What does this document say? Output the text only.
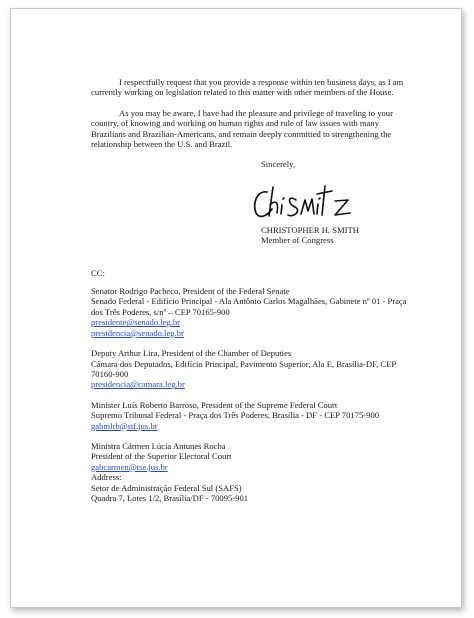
I respectfully request that you provide a response within ten business days, as I am currently working on legislation related to this matter with other members of the House.

As you may be aware, I have had the pleasure and privilege of traveling to your country, of knowing and working on human rights and rule of law issues with many Brazilians and Brazilian-Americans, and remain deeply committed to strengthening the relationship between the U.S. and Brazil.

Sincerely,
CHRISTOPHER H. SMITH
Member of Congress
CC:
Senator Rodrigo Pacheco, President of the Federal Senate
Senado Federal - Edifício Principal - Ala Antônio Carlos Magalhães, Gabinete nº 01 - Praça dos Três Poderes, s/nº – CEP 70165-900
presidente@senado.leg.br
presidencia@senado.leg.br
Deputy Arthur Lira, President of the Chamber of Deputies
Câmara dos Deputados, Edifício Principal, Pavimento Superior, Ala E, Brasília-DF, CEP 70160-900
presidencia@camara.leg.br
Minister Luís Roberto Barroso, President of the Supreme Federal Court
Supremo Tribunal Federal - Praça dos Três Poderes, Brasília - DF - CEP 70175-900
gabmlrb@stf.jus.br
Ministra Cármen Lúcia Antunes Rocha
President of the Superior Electoral Court
gabcarmen@tse.jus.br
Address:
Setor de Administração Federal Sul (SAFS)
Quadra 7, Lotes 1/2, Brasília/DF - 70095-901
